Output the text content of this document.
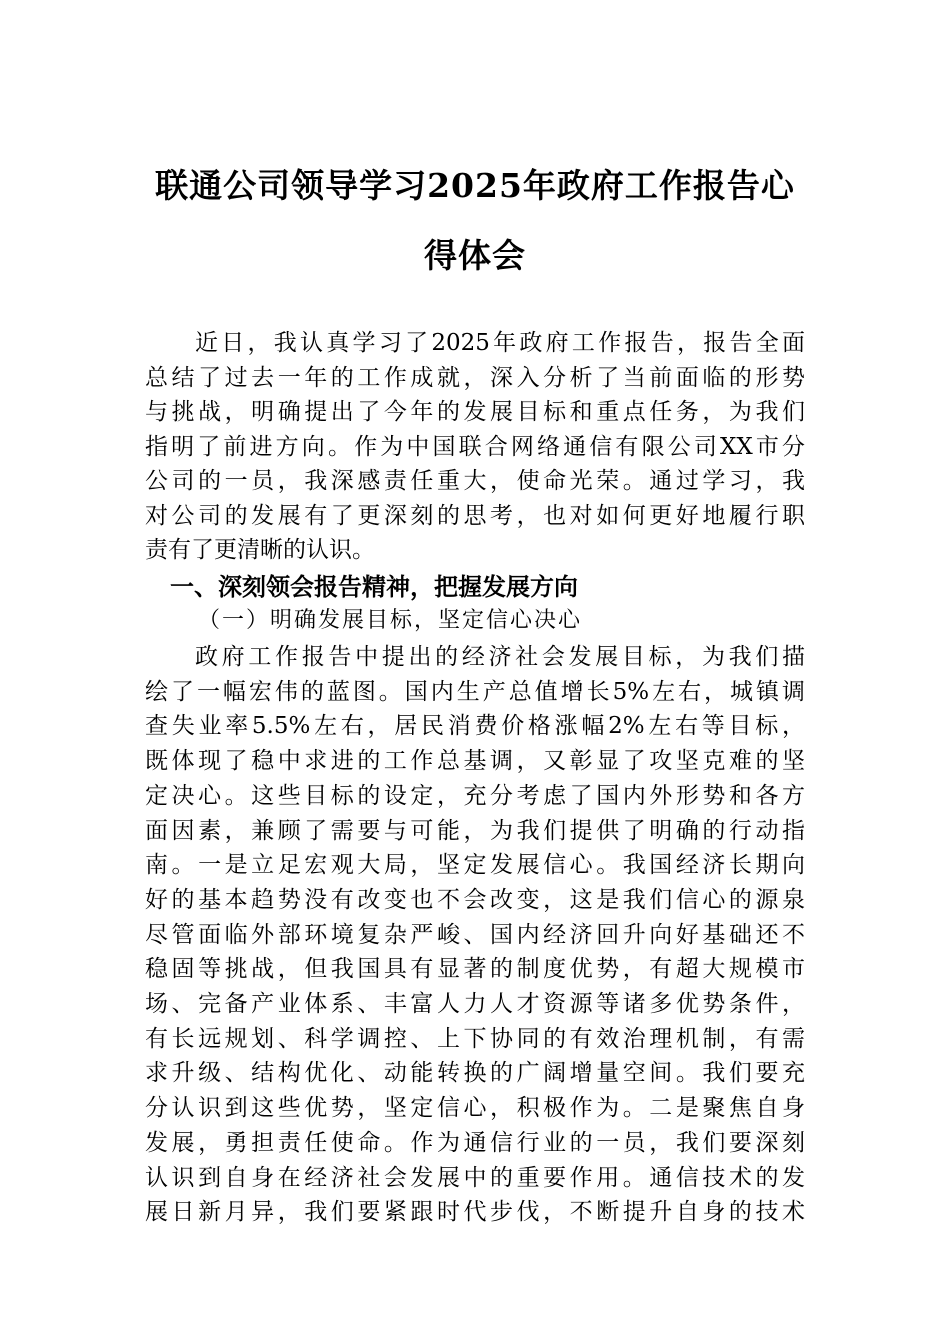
联通公司领导学习2025年政府工作报告心
得体会
近日，我认真学习了2025年政府工作报告，报告全面
总结了过去一年的工作成就，深入分析了当前面临的形势
与挑战，明确提出了今年的发展目标和重点任务，为我们
指明了前进方向。作为中国联合网络通信有限公司XX市分
公司的一员，我深感责任重大，使命光荣。通过学习，我
对公司的发展有了更深刻的思考，也对如何更好地履行职
责有了更清晰的认识。
一、深刻领会报告精神，把握发展方向
（一）明确发展目标，坚定信心决心
政府工作报告中提出的经济社会发展目标，为我们描
绘了一幅宏伟的蓝图。国内生产总值增长5%左右，城镇调
查失业率5.5%左右，居民消费价格涨幅2%左右等目标，
既体现了稳中求进的工作总基调，又彰显了攻坚克难的坚
定决心。这些目标的设定，充分考虑了国内外形势和各方
面因素，兼顾了需要与可能，为我们提供了明确的行动指
南。一是立足宏观大局，坚定发展信心。我国经济长期向
好的基本趋势没有改变也不会改变，这是我们信心的源泉
尽管面临外部环境复杂严峻、国内经济回升向好基础还不
稳固等挑战，但我国具有显著的制度优势，有超大规模市
场、完备产业体系、丰富人力人才资源等诸多优势条件，
有长远规划、科学调控、上下协同的有效治理机制，有需
求升级、结构优化、动能转换的广阔增量空间。我们要充
分认识到这些优势，坚定信心，积极作为。二是聚焦自身
发展，勇担责任使命。作为通信行业的一员，我们要深刻
认识到自身在经济社会发展中的重要作用。通信技术的发
展日新月异，我们要紧跟时代步伐，不断提升自身的技术
